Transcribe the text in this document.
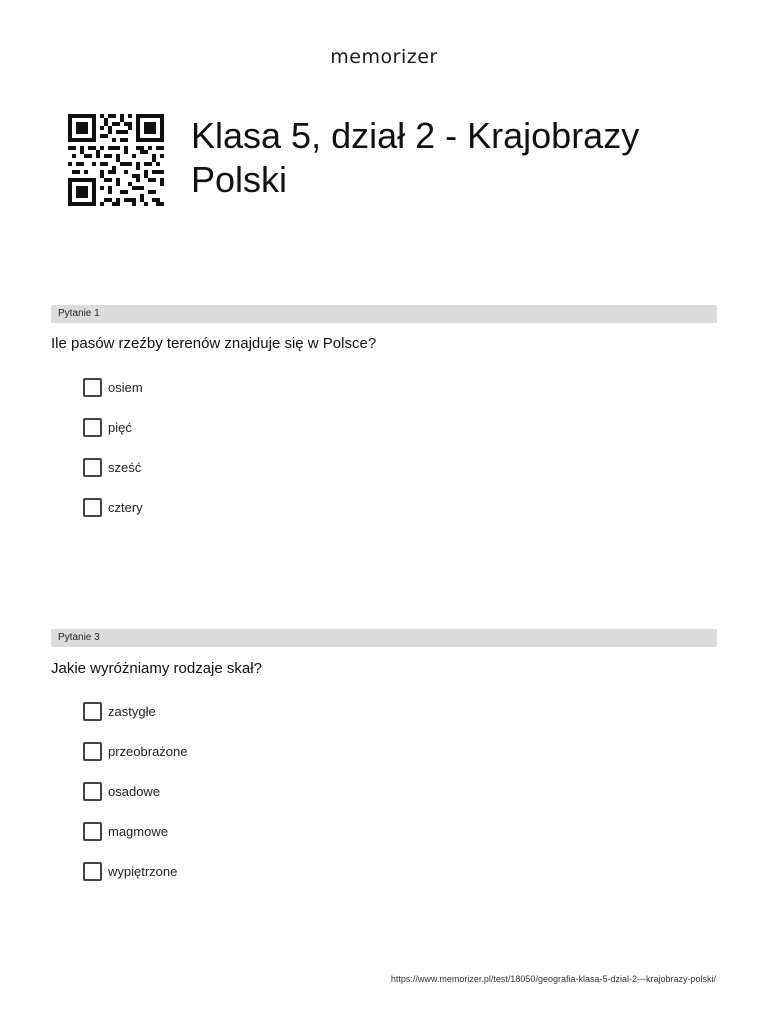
memorizer
Klasa 5, dział 2 - Krajobrazy Polski
Pytanie 1

Ile pasów rzeźby terenów znajduje się w Polsce?

osiem
pięć
sześć
cztery
Pytanie 3

Jakie wyróżniamy rodzaje skał?

zastygłe
przeobrażone
osadowe
magmowe
wypiętrzone
https://www.memorizer.pl/test/18050/geografia-klasa-5-dzial-2---krajobrazy-polski/
